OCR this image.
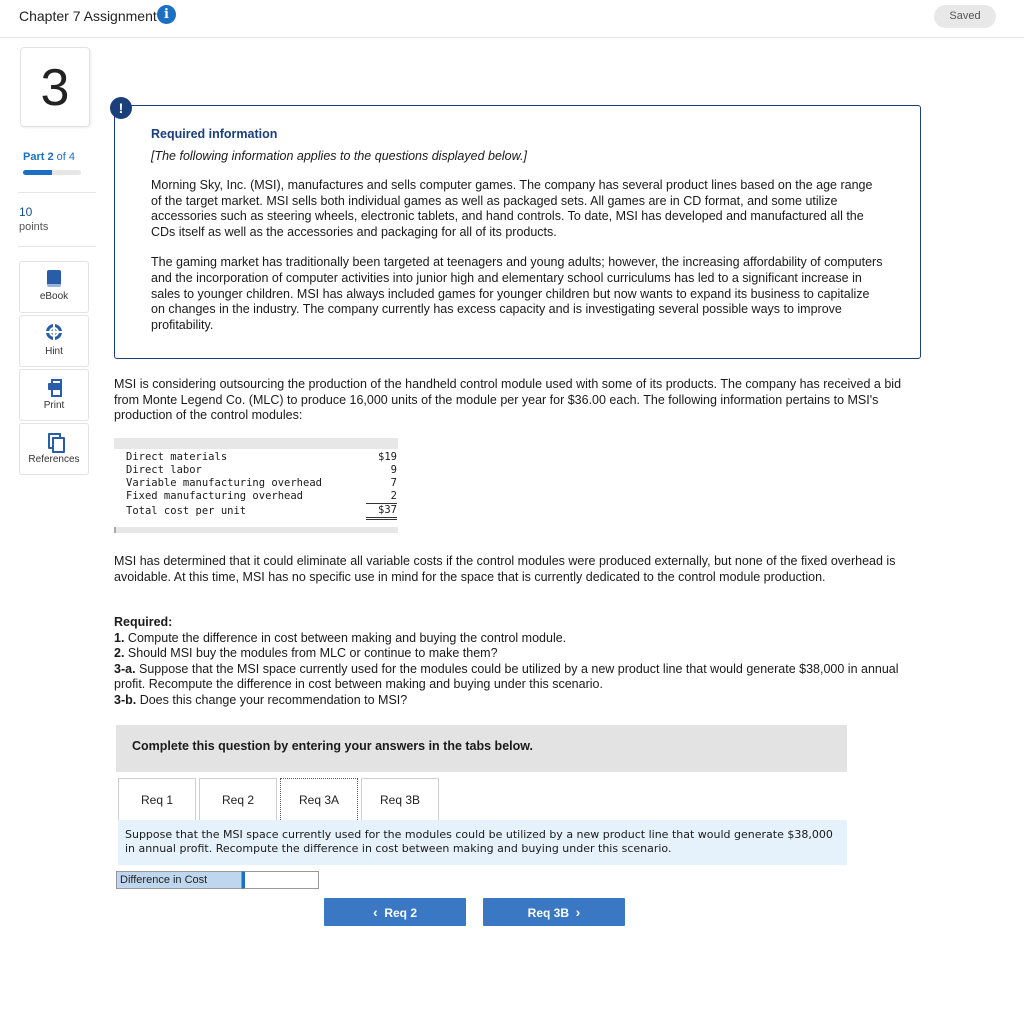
Chapter 7 Assignment i	Saved
3
Part 2 of 4
10
points
eBook
Hint
Print
References
Required information
[The following information applies to the questions displayed below.]

Morning Sky, Inc. (MSI), manufactures and sells computer games. The company has several product lines based on the age range of the target market. MSI sells both individual games as well as packaged sets. All games are in CD format, and some utilize accessories such as steering wheels, electronic tablets, and hand controls. To date, MSI has developed and manufactured all the CDs itself as well as the accessories and packaging for all of its products.

The gaming market has traditionally been targeted at teenagers and young adults; however, the increasing affordability of computers and the incorporation of computer activities into junior high and elementary school curriculums has led to a significant increase in sales to younger children. MSI has always included games for younger children but now wants to expand its business to capitalize on changes in the industry. The company currently has excess capacity and is investigating several possible ways to improve profitability.

!
MSI is considering outsourcing the production of the handheld control module used with some of its products. The company has received a bid from Monte Legend Co. (MLC) to produce 16,000 units of the module per year for $36.00 each. The following information pertains to MSI's production of the control modules:
Direct materials	$19
Direct labor	9
Variable manufacturing overhead	7
Fixed manufacturing overhead	2
Total cost per unit	$37
MSI has determined that it could eliminate all variable costs if the control modules were produced externally, but none of the fixed overhead is avoidable. At this time, MSI has no specific use in mind for the space that is currently dedicated to the control module production.
Required:
1. Compute the difference in cost between making and buying the control module.
2. Should MSI buy the modules from MLC or continue to make them?
3-a. Suppose that the MSI space currently used for the modules could be utilized by a new product line that would generate $38,000 in annual profit. Recompute the difference in cost between making and buying under this scenario.
3-b. Does this change your recommendation to MSI?
Complete this question by entering your answers in the tabs below.
Req 1	Req 2	Req 3A	Req 3B
Suppose that the MSI space currently used for the modules could be utilized by a new product line that would generate $38,000 in annual profit. Recompute the difference in cost between making and buying under this scenario.
Difference in Cost
‹ Req 2	Req 3B ›
